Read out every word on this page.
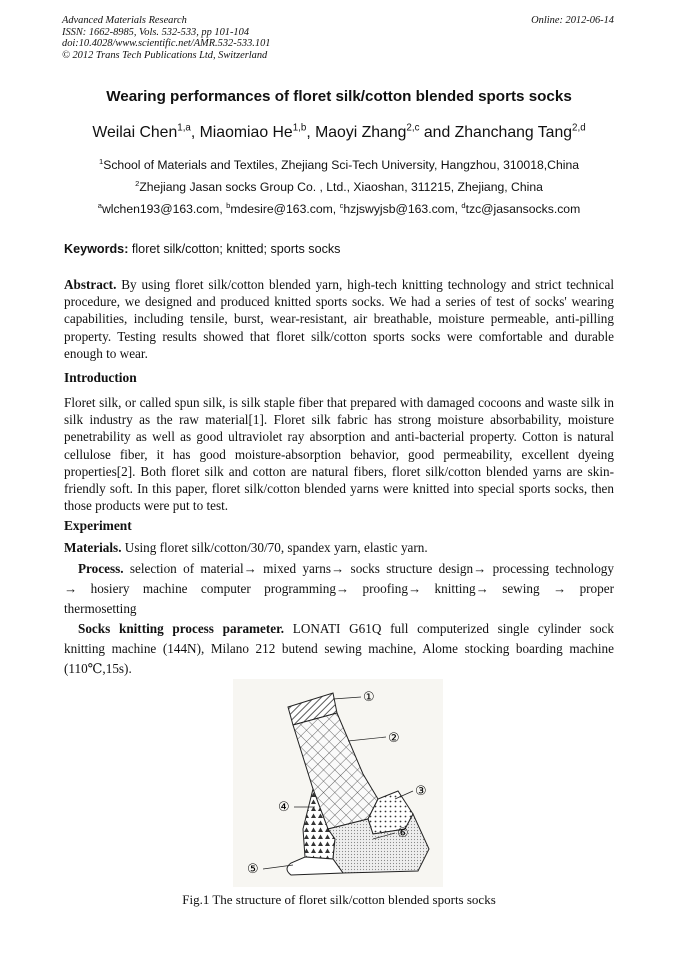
Advanced Materials Research
ISSN: 1662-8985, Vols. 532-533, pp 101-104
doi:10.4028/www.scientific.net/AMR.532-533.101
© 2012 Trans Tech Publications Ltd, Switzerland
Online: 2012-06-14
Wearing performances of floret silk/cotton blended sports socks
Weilai Chen$^{1,a}$, Miaomiao He$^{1,b}$, Maoyi Zhang$^{2,c}$ and Zhanchang Tang$^{2,d}$
$^1$School of Materials and Textiles, Zhejiang Sci-Tech University, Hangzhou, 310018,China
$^2$Zhejiang Jasan socks Group Co. , Ltd., Xiaoshan, 311215, Zhejiang, China
$^a$wlchen193@163.com, $^b$mdesire@163.com, $^c$hzjswyjsb@163.com, $^d$tzc@jasansocks.com
Keywords: floret silk/cotton; knitted; sports socks
Abstract. By using floret silk/cotton blended yarn, high-tech knitting technology and strict technical procedure, we designed and produced knitted sports socks. We had a series of test of socks' wearing capabilities, including tensile, burst, wear-resistant, air breathable, moisture permeable, anti-pilling property. Testing results showed that floret silk/cotton sports socks were comfortable and durable enough to wear.
Introduction
Floret silk, or called spun silk, is silk staple fiber that prepared with damaged cocoons and waste silk in silk industry as the raw material[1]. Floret silk fabric has strong moisture absorbability, moisture penetrability as well as good ultraviolet ray absorption and anti-bacterial property. Cotton is natural cellulose fiber, it has good moisture-absorption behavior, good permeability, excellent dyeing properties[2]. Both floret silk and cotton are natural fibers, floret silk/cotton blended yarns are skin-friendly soft. In this paper, floret silk/cotton blended yarns were knitted into special sports socks, then those products were put to test.
Experiment
Materials. Using floret silk/cotton/30/70, spandex yarn, elastic yarn.
Process. selection of material→ mixed yarns→ socks structure design→ processing technology
→ hosiery machine computer programming→ proofing→ knitting→ sewing → proper
thermosetting
Socks knitting process parameter. LONATI G61Q full computerized single cylinder sock
knitting machine (144N), Milano 212 butend sewing machine, Alome stocking boarding machine
(110℃,15s).
①
②
③
④
⑤
⑥
Fig.1 The structure of floret silk/cotton blended sports socks
